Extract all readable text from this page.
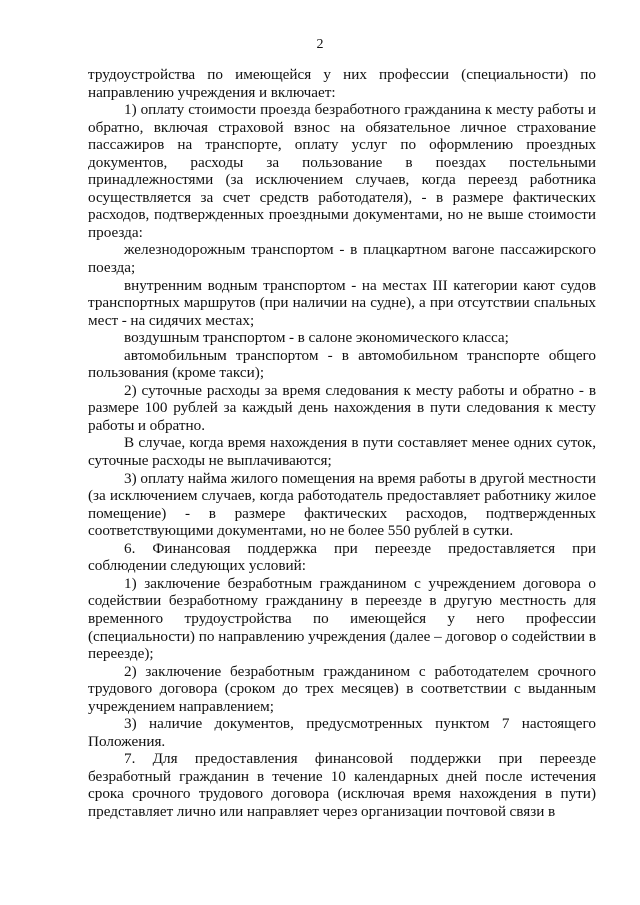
2

трудоустройства по имеющейся у них профессии (специальности) по направлению учреждения и включает:

1) оплату стоимости проезда безработного гражданина к месту работы и обратно, включая страховой взнос на обязательное личное страхование пассажиров на транспорте, оплату услуг по оформлению проездных документов, расходы за пользование в поездах постельными принадлежностями (за исключением случаев, когда переезд работника осуществляется за счет средств работодателя), - в размере фактических расходов, подтвержденных проездными документами, но не выше стоимости проезда:

железнодорожным транспортом - в плацкартном вагоне пассажирского поезда;

внутренним водным транспортом - на местах III категории кают судов транспортных маршрутов (при наличии на судне), а при отсутствии спальных мест - на сидячих местах;

воздушным транспортом - в салоне экономического класса;

автомобильным транспортом - в автомобильном транспорте общего пользования (кроме такси);

2) суточные расходы за время следования к месту работы и обратно - в размере 100 рублей за каждый день нахождения в пути следования к месту работы и обратно.

В случае, когда время нахождения в пути составляет менее одних суток, суточные расходы не выплачиваются;

3) оплату найма жилого помещения на время работы в другой местности (за исключением случаев, когда работодатель предоставляет работнику жилое помещение) - в размере фактических расходов, подтвержденных соответствующими документами, но не более 550 рублей в сутки.

6. Финансовая поддержка при переезде предоставляется при соблюдении следующих условий:

1) заключение безработным гражданином с учреждением договора о содействии безработному гражданину в переезде в другую местность для временного трудоустройства по имеющейся у него профессии (специальности) по направлению учреждения (далее – договор о содействии в переезде);

2) заключение безработным гражданином с работодателем срочного трудового договора (сроком до трех месяцев) в соответствии с выданным учреждением направлением;

3) наличие документов, предусмотренных пунктом 7 настоящего Положения.

7. Для предоставления финансовой поддержки при переезде безработный гражданин в течение 10 календарных дней после истечения срока срочного трудового договора (исключая время нахождения в пути) представляет лично или направляет через организации почтовой связи в
